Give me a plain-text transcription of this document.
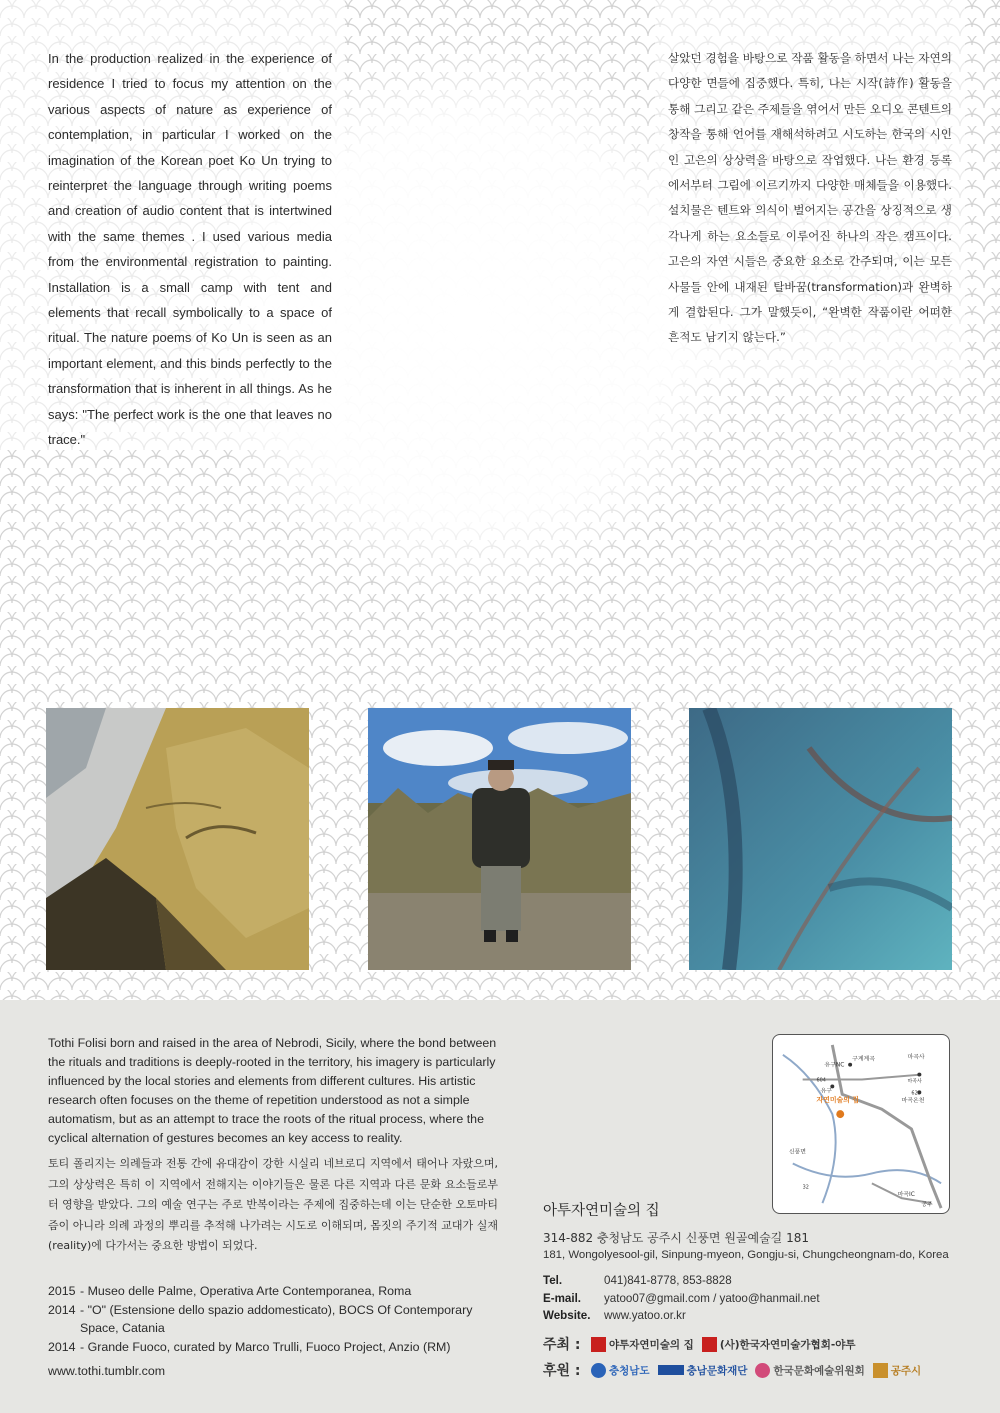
In the production realized in the experience of residence I tried to focus my attention on the various aspects of nature as experience of contemplation, in particular I worked on the imagination of the Korean poet Ko Un trying to reinterpret the language through writing poems and creation of audio content that is intertwined with the same themes . I used various media from the environmental registration to painting. Installation is a small camp with tent and elements that recall symbolically to a space of ritual. The nature poems of Ko Un is seen as an important element, and this binds perfectly to the transformation that is inherent in all things. As he says: "The perfect work is the one that leaves no trace."
살았던 경험을 바탕으로 작품 활동을 하면서 나는 자연의 다양한 면들에 집중했다. 특히, 나는 시작(詩作) 활동을 통해 그리고 같은 주제들을 엮어서 만든 오디오 콘텐트의 창작을 통해 언어를 재해석하려고 시도하는 한국의 시인인 고은의 상상력을 바탕으로 작업했다. 나는 환경 등록에서부터 그림에 이르기까지 다양한 매체들을 이용했다. 설치물은 텐트와 의식이 벌어지는 공간을 상징적으로 생각나게 하는 요소들로 이루어진 하나의 작은 캠프이다. 고은의 자연 시들은 중요한 요소로 간주되며, 이는 모든 사물들 안에 내재된 탈바꿈(transformation)과 완벽하게 결합된다. 그가 말했듯이, “완벽한 작품이란 어떠한 흔적도 남기지 않는다.”
Tothi Folisi born and raised in the area of Nebrodi, Sicily, where the bond between the rituals and traditions is deeply-rooted in the territory, his imagery is particularly influenced by the local stories and elements from different cultures. His artistic research often focuses on the theme of repetition understood as not a simple automatism, but as an attempt to trace the roots of the ritual process, where the cyclical alternation of gestures becomes an key access to reality.
토티 폴리지는 의례들과 전통 간에 유대감이 강한 시실리 네브로디 지역에서 태어나 자랐으며, 그의 상상력은 특히 이 지역에서 전해지는 이야기들은 물론 다른 지역과 다른 문화 요소들로부터 영향을 받았다. 그의 예술 연구는 주로 반복이라는 주제에 집중하는데 이는 단순한 오토마티즘이 아니라 의례 과정의 뿌리를 추적해 나가려는 시도로 이해되며, 몸짓의 주기적 교대가 실재(reality)에 다가서는 중요한 방법이 되었다.
2015 - Museo delle Palme, Operativa Arte Contemporanea, Roma
2014 - "O" (Estensione dello spazio addomesticato), BOCS Of Contemporary Space, Catania
2014 - Grande Fuoco, curated by Marco Trulli, Fuoco Project, Anzio (RM)
www.tothi.tumblr.com
유구NC
구계계곡
유구
마곡사
마곡사
마곡온천
자연미술의 집
신풍면
마곡IC
공주
604
32
629
아투자연미술의 집
314-882 충청남도 공주시 신풍면 원골예술길 181
181, Wongolyesool-gil, Sinpung-myeon, Gongju-si, Chungcheongnam-do, Korea
Tel.	041)841-8778, 853-8828
E-mail.	yatoo07@gmail.com / yatoo@hanmail.net
Website.	www.yatoo.or.kr
주최 :	야투자연미술의 집 (사)한국자연미술가협회-야투
후원 :	충청남도	충남문화재단 한국문화예술위원회 공주시
